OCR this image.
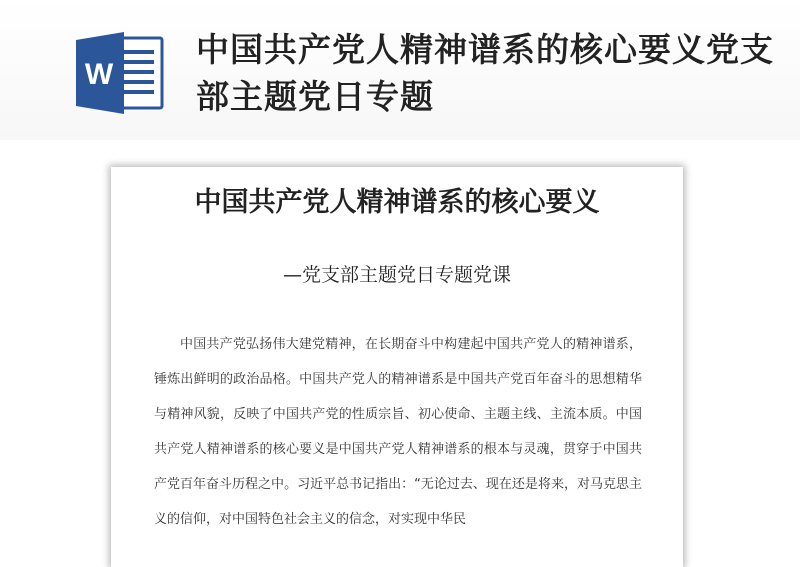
W
中国共产党人精神谱系的核心要义党支部主题党日专题
中国共产党人精神谱系的核心要义
—党支部主题党日专题党课
中国共产党弘扬伟大建党精神，在长期奋斗中构建起中国共产党人的精神谱系，锤炼出鲜明的政治品格。中国共产党人的精神谱系是中国共产党百年奋斗的思想精华与精神风貌，反映了中国共产党的性质宗旨、初心使命、主题主线、主流本质。中国共产党人精神谱系的核心要义是中国共产党人精神谱系的根本与灵魂，贯穿于中国共产党百年奋斗历程之中。习近平总书记指出：“无论过去、现在还是将来，对马克思主义的信仰，对中国特色社会主义的信念，对实现中华民
